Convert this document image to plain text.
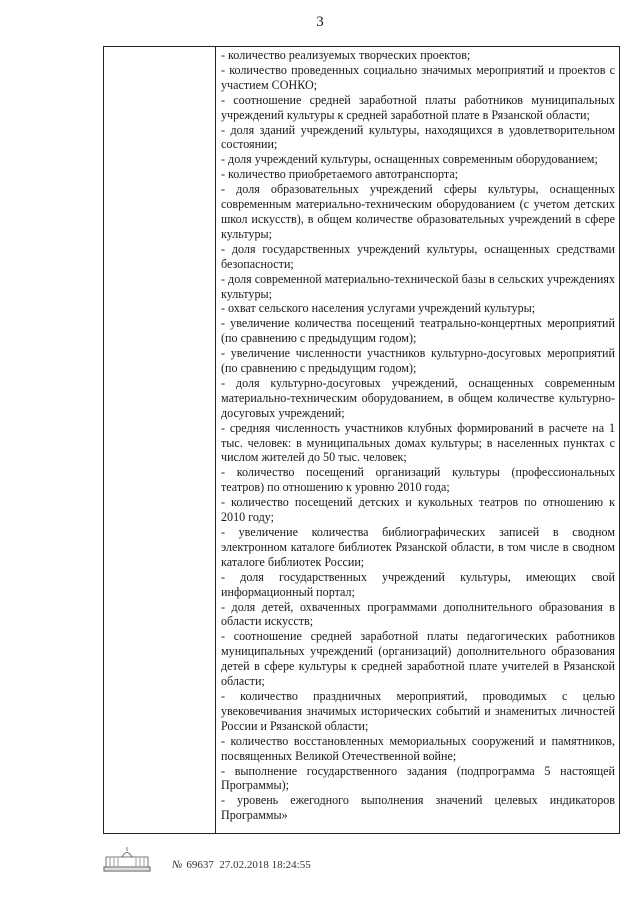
3

- количество реализуемых творческих проектов;

- количество проведенных социально значимых мероприятий и проектов с участием СОНКО;

- соотношение средней заработной платы работников муниципальных учреждений культуры к средней заработной плате в Рязанской области;

- доля зданий учреждений культуры, находящихся в удовлетворительном состоянии;

- доля учреждений культуры, оснащенных современным оборудованием;

- количество приобретаемого автотранспорта;

- доля образовательных учреждений сферы культуры, оснащенных современным материально-техническим оборудованием (с учетом детских школ искусств), в общем количестве образовательных учреждений в сфере культуры;

- доля государственных учреждений культуры, оснащенных средствами безопасности;

- доля современной материально-технической базы в сельских учреждениях культуры;

- охват сельского населения услугами учреждений культуры;

- увеличение количества посещений театрально-концертных мероприятий (по сравнению с предыдущим годом);

- увеличение численности участников культурно-досуговых мероприятий (по сравнению с предыдущим годом);

- доля культурно-досуговых учреждений, оснащенных современным материально-техническим оборудованием, в общем количестве культурно-досуговых учреждений;

- средняя численность участников клубных формирований в расчете на 1 тыс. человек: в муниципальных домах культуры; в населенных пунктах с числом жителей до 50 тыс. человек;

- количество посещений организаций культуры (профессиональных театров) по отношению к уровню 2010 года;

- количество посещений детских и кукольных театров по отношению к 2010 году;

- увеличение количества библиографических записей в сводном электронном каталоге библиотек Рязанской области, в том числе в сводном каталоге библиотек России;

- доля государственных учреждений культуры, имеющих свой информационный портал;

- доля детей, охваченных программами дополнительного образования в области искусств;

- соотношение средней заработной платы педагогических работников муниципальных учреждений (организаций) дополнительного образования детей в сфере культуры к средней заработной плате учителей в Рязанской области;

- количество праздничных мероприятий, проводимых с целью увековечивания значимых исторических событий и знаменитых личностей России и Рязанской области;

- количество восстановленных мемориальных сооружений и памятников, посвященных Великой Отечественной войне;

- выполнение государственного задания (подпрограмма 5 настоящей Программы);

- уровень ежегодного выполнения значений целевых индикаторов Программы»

№ 69637 27.02.2018 18:24:55
